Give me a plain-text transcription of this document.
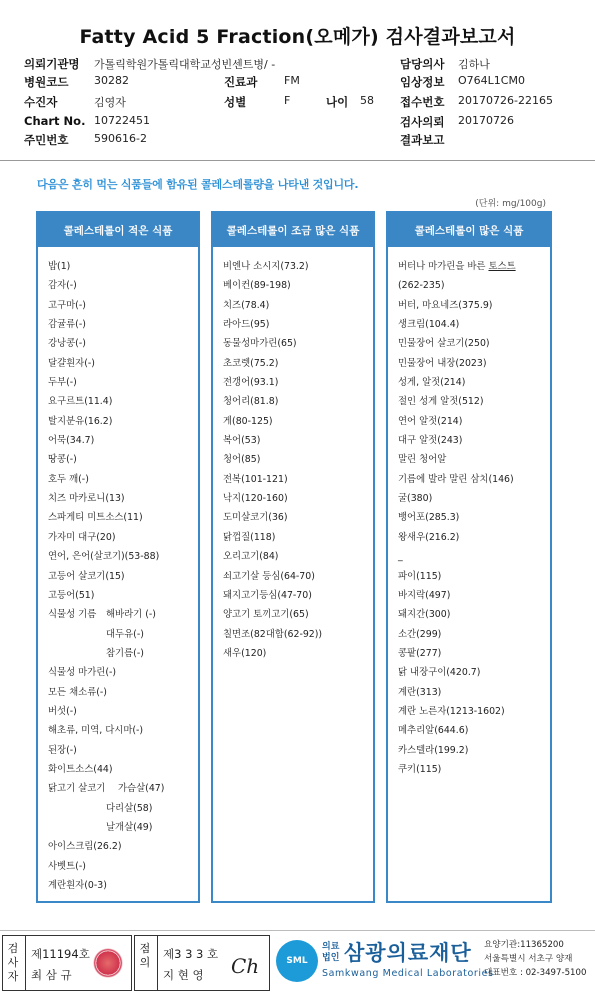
Fatty Acid 5 Fraction(오메가) 검사결과보고서
의뢰기관명 가톨릭학원가톨릭대학교성빈센트병/ -	담당의사 김하나
병원코드 30282	진료과 FM	임상정보 O764L1CM0
수진자	김영자	성별	F	나이 58 접수번호 20170726-22165
Chart No. 10722451	검사의뢰 20170726
주민번호 590616-2	결과보고
다음은 흔히 먹는 식품들에 함유된 콜레스테롤량을 나타낸 것입니다.
(단위: mg/100g)
콜레스테롤이 적은 식품
밥(1)
감자(-)
고구마(-)
감귤류(-)
강낭콩(-)
달걀흰자(-)
두부(-)
요구르트(11.4)
탈지분유(16.2)
어묵(34.7)
땅콩(-)
호두 깨(-)
치즈 마카로니(13)
스파게티 미트소스(11)
가자미 대구(20)
연어, 은어(살코기)(53-88)
고등어 살코기(15)
고등어(51)
식물성 기름 해바라기 (-)
대두유(-)
참기름(-)
식물성 마가린(-)
모든 채소류(-)
버섯(-)
해초류, 미역, 다시마(-)
된장(-)
화이트소스(44)
닭고기 살코기 가슴살(47)
다리살(58)
날개살(49)
아이스크림(26.2)
사벳트(-)
계란흰자(0-3)
콜레스테롤이 조금 많은 식품
비엔나 소시지(73.2)
베이컨(89-198)
치즈(78.4)
라아드(95)
동물성마가린(65)
초코렛(75.2)
전갱어(93.1)
청어리(81.8)
게(80-125)
복어(53)
청어(85)
전복(101-121)
낙지(120-160)
도미살코기(36)
닭껍질(118)
오리고기(84)
쇠고기살 등심(64-70)
돼지고기등심(47-70)
양고기 토끼고기(65)
칠면조(82대합(62-92))
새우(120)
콜레스테롤이 많은 식품
버터나 마가린을 바른 토스트
(262-235)
버터, 마요네즈(375.9)
생크림(104.4)
민물장어 살코기(250)
민물장어 내장(2023)
성게, 알젓(214)
절인 성게 알젓(512)
연어 알젓(214)
대구 알젓(243)
말린 청어알
기름에 발라 말린 삼치(146)
굴(380)
뱅어포(285.3)
왕새우(216.2)
_
파이(115)
바지락(497)
돼지간(300)
소간(299)
콩팥(277)
닭 내장구이(420.7)
계란(313)
계란 노른자(1213-1602)
메추리알(644.6)
카스텔라(199.2)
쿠키(115)
검사자
제11194호
최 삼 규
점의
제3 3 3 호
지 현 영 Ch	SML
의료
법인 삼광의료재단
Samkwang Medical Laboratories
요양기관:11365200
서울특별시 서초구 양재
대표번호 : 02-3497-5100
